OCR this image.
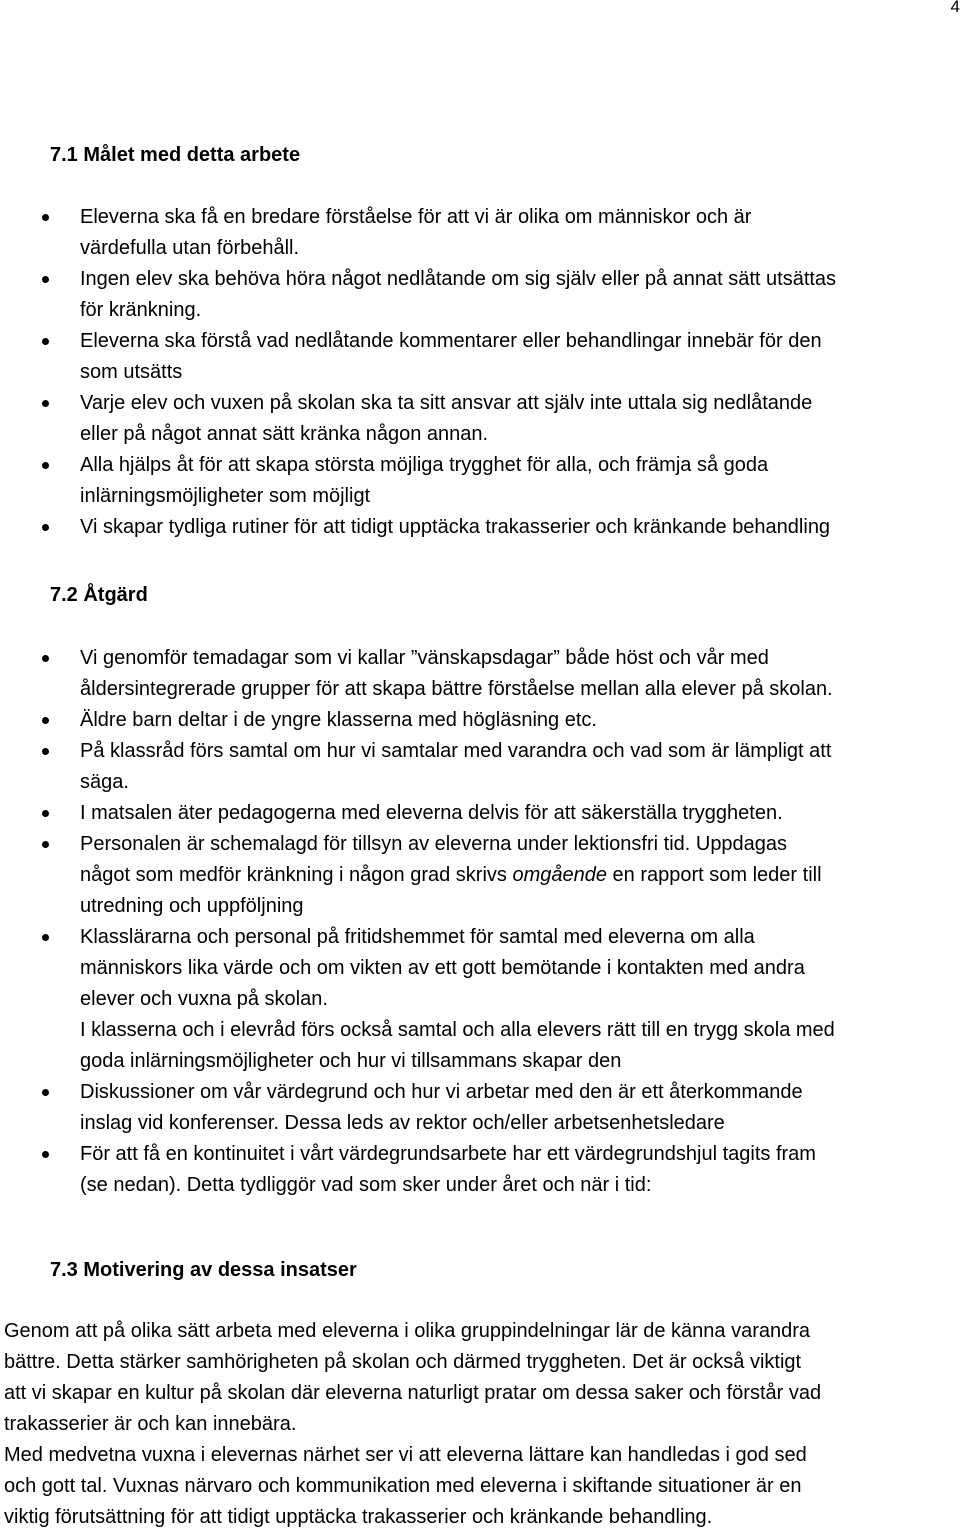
4
7.1 Målet med detta arbete
Eleverna ska få en bredare förståelse för att vi är olika om människor och är
värdefulla utan förbehåll.
Ingen elev ska behöva höra något nedlåtande om sig själv eller på annat sätt utsättas
för kränkning.
Eleverna ska förstå vad nedlåtande kommentarer eller behandlingar innebär för den
som utsätts
Varje elev och vuxen på skolan ska ta sitt ansvar att själv inte uttala sig nedlåtande
eller på något annat sätt kränka någon annan.
Alla hjälps åt för att skapa största möjliga trygghet för alla, och främja så goda
inlärningsmöjligheter som möjligt
Vi skapar tydliga rutiner för att tidigt upptäcka trakasserier och kränkande behandling
7.2 Åtgärd
Vi genomför temadagar som vi kallar ”vänskapsdagar” både höst och vår med
åldersintegrerade grupper för att skapa bättre förståelse mellan alla elever på skolan.
Äldre barn deltar i de yngre klasserna med högläsning etc.
På klassråd förs samtal om hur vi samtalar med varandra och vad som är lämpligt att
säga.
I matsalen äter pedagogerna med eleverna delvis för att säkerställa tryggheten.
Personalen är schemalagd för tillsyn av eleverna under lektionsfri tid. Uppdagas
något som medför kränkning i någon grad skrivs omgående en rapport som leder till
utredning och uppföljning
Klasslärarna och personal på fritidshemmet för samtal med eleverna om alla
människors lika värde och om vikten av ett gott bemötande i kontakten med andra
elever och vuxna på skolan.
I klasserna och i elevråd förs också samtal och alla elevers rätt till en trygg skola med
goda inlärningsmöjligheter och hur vi tillsammans skapar den
Diskussioner om vår värdegrund och hur vi arbetar med den är ett återkommande
inslag vid konferenser. Dessa leds av rektor och/eller arbetsenhetsledare
För att få en kontinuitet i vårt värdegrundsarbete har ett värdegrundshjul tagits fram
(se nedan). Detta tydliggör vad som sker under året och när i tid:
7.3 Motivering av dessa insatser
Genom att på olika sätt arbeta med eleverna i olika gruppindelningar lär de känna varandra
bättre. Detta stärker samhörigheten på skolan och därmed tryggheten. Det är också viktigt
att vi skapar en kultur på skolan där eleverna naturligt pratar om dessa saker och förstår vad
trakasserier är och kan innebära.
Med medvetna vuxna i elevernas närhet ser vi att eleverna lättare kan handledas i god sed
och gott tal. Vuxnas närvaro och kommunikation med eleverna i skiftande situationer är en
viktig förutsättning för att tidigt upptäcka trakasserier och kränkande behandling.
